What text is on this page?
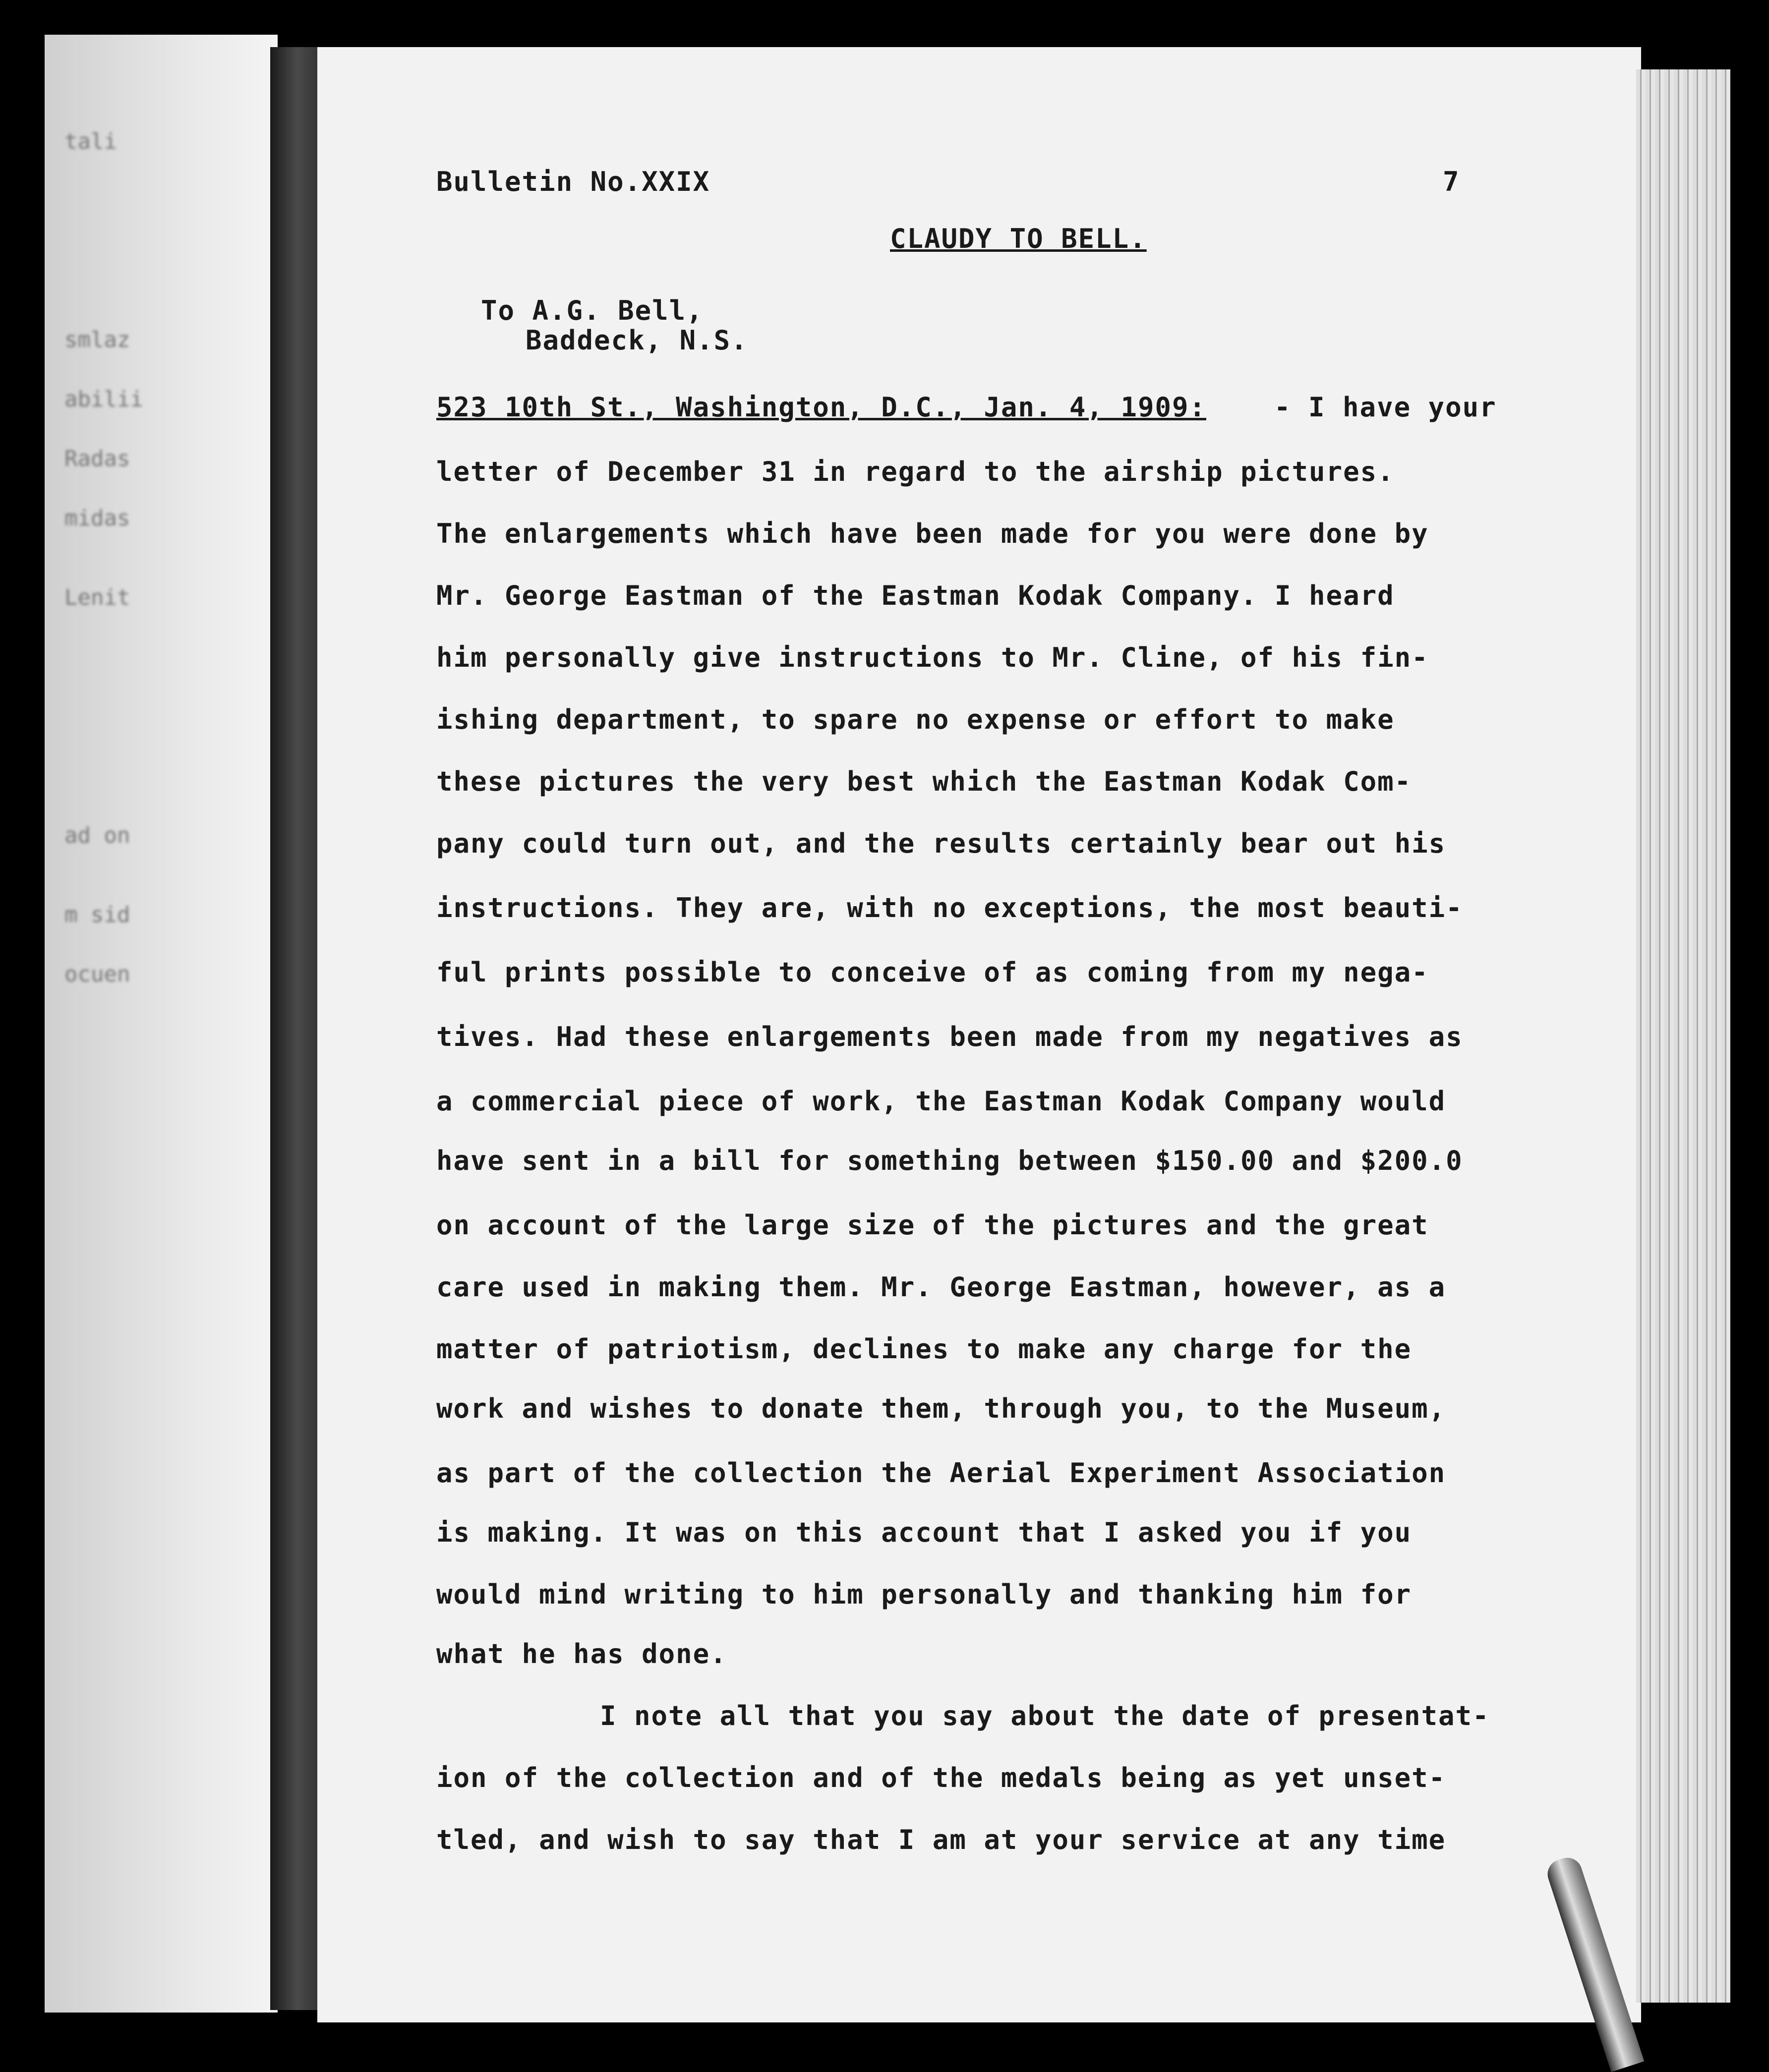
tali
smlaz
abilii
Radas
midas
Lenit
ad on
m sid
ocuen
Bulletin No.XXIX	7
CLAUDY TO BELL.
To A.G. Bell,
Baddeck, N.S.
523 10th St., Washington, D.C., Jan. 4, 1909:	- I have your
letter of December 31 in regard to the airship pictures.
The enlargements which have been made for you were done by
Mr. George Eastman of the Eastman Kodak Company. I heard
him personally give instructions to Mr. Cline, of his fin-
ishing department, to spare no expense or effort to make
these pictures the very best which the Eastman Kodak Com-
pany could turn out, and the results certainly bear out his
instructions. They are, with no exceptions, the most beauti-
ful prints possible to conceive of as coming from my nega-
tives. Had these enlargements been made from my negatives as
a commercial piece of work, the Eastman Kodak Company would
have sent in a bill for something between $150.00 and $200.0
on account of the large size of the pictures and the great
care used in making them. Mr. George Eastman, however, as a
matter of patriotism, declines to make any charge for the
work and wishes to donate them, through you, to the Museum,
as part of the collection the Aerial Experiment Association
is making. It was on this account that I asked you if you
would mind writing to him personally and thanking him for
what he has done.
I note all that you say about the date of presentat-
ion of the collection and of the medals being as yet unset-
tled, and wish to say that I am at your service at any time
